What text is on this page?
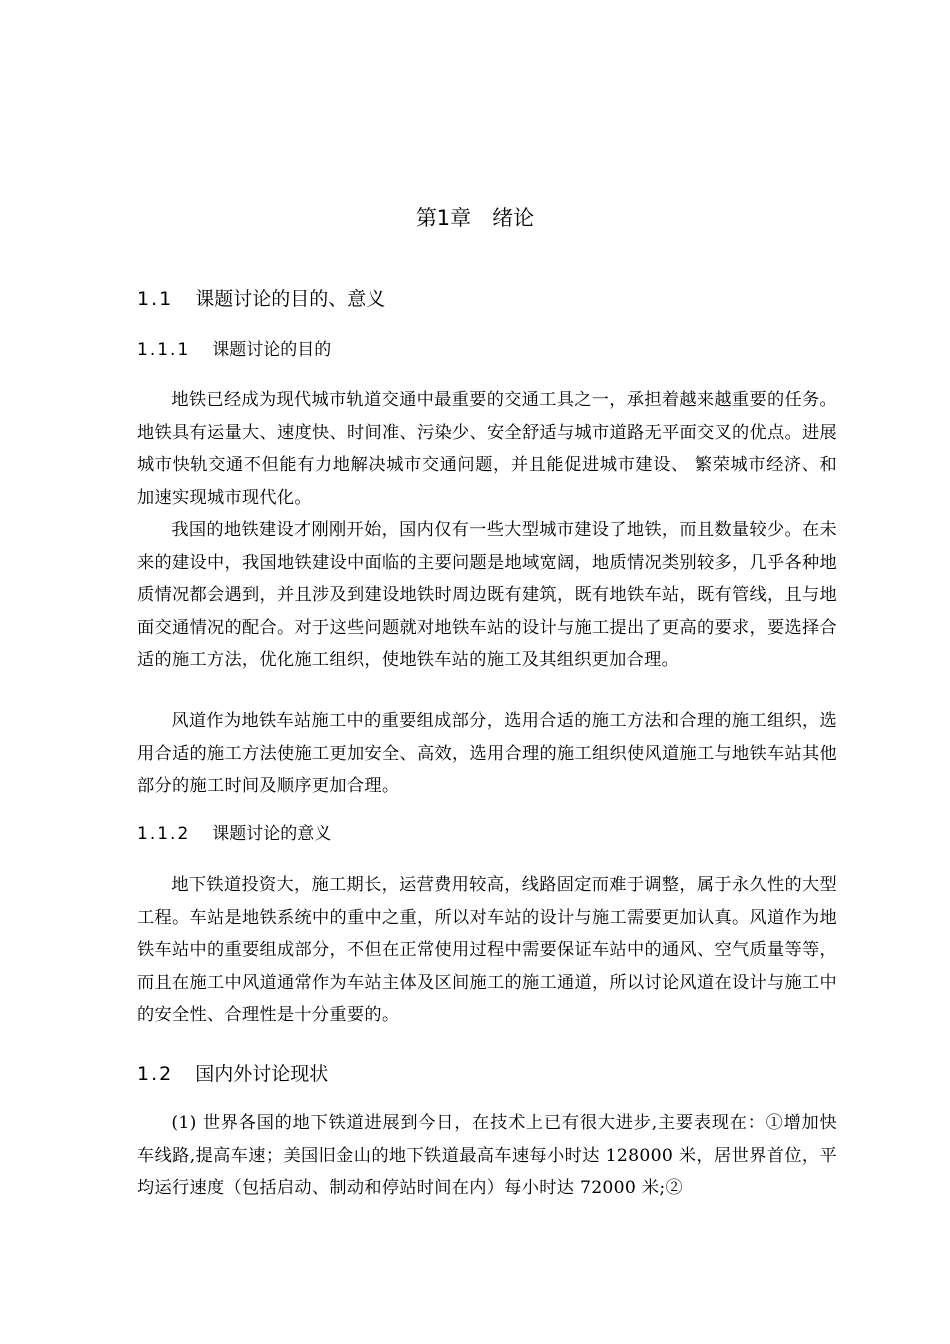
第1章　绪论
1.1 课题讨论的目的、意义
1.1.1 课题讨论的目的

地铁已经成为现代城市轨道交通中最重要的交通工具之一，承担着越来越重要的任务。地铁具有运量大、速度快、时间准、污染少、安全舒适与城市道路无平面交叉的优点。进展城市快轨交通不但能有力地解决城市交通问题，并且能促进城市建设、 繁荣城市经济、和加速实现城市现代化。

我国的地铁建设才刚刚开始，国内仅有一些大型城市建设了地铁，而且数量较少。在未来的建设中，我国地铁建设中面临的主要问题是地域宽阔，地质情况类别较多，几乎各种地质情况都会遇到，并且涉及到建设地铁时周边既有建筑，既有地铁车站，既有管线，且与地面交通情况的配合。对于这些问题就对地铁车站的设计与施工提出了更高的要求，要选择合适的施工方法，优化施工组织，使地铁车站的施工及其组织更加合理。

风道作为地铁车站施工中的重要组成部分，选用合适的施工方法和合理的施工组织，选用合适的施工方法使施工更加安全、高效，选用合理的施工组织使风道施工与地铁车站其他部分的施工时间及顺序更加合理。

1.1.2 课题讨论的意义

地下铁道投资大，施工期长，运营费用较高，线路固定而难于调整，属于永久性的大型工程。车站是地铁系统中的重中之重，所以对车站的设计与施工需要更加认真。风道作为地铁车站中的重要组成部分，不但在正常使用过程中需要保证车站中的通风、空气质量等等，而且在施工中风道通常作为车站主体及区间施工的施工通道，所以讨论风道在设计与施工中的安全性、合理性是十分重要的。

1.2 国内外讨论现状

(1) 世界各国的地下铁道进展到今日，在技术上已有很大进步,主要表现在：①增加快车线路,提高车速；美国旧金山的地下铁道最高车速每小时达 128000 米，居世界首位，平均运行速度（包括启动、制动和停站时间在内）每小时达 72000 米;②
